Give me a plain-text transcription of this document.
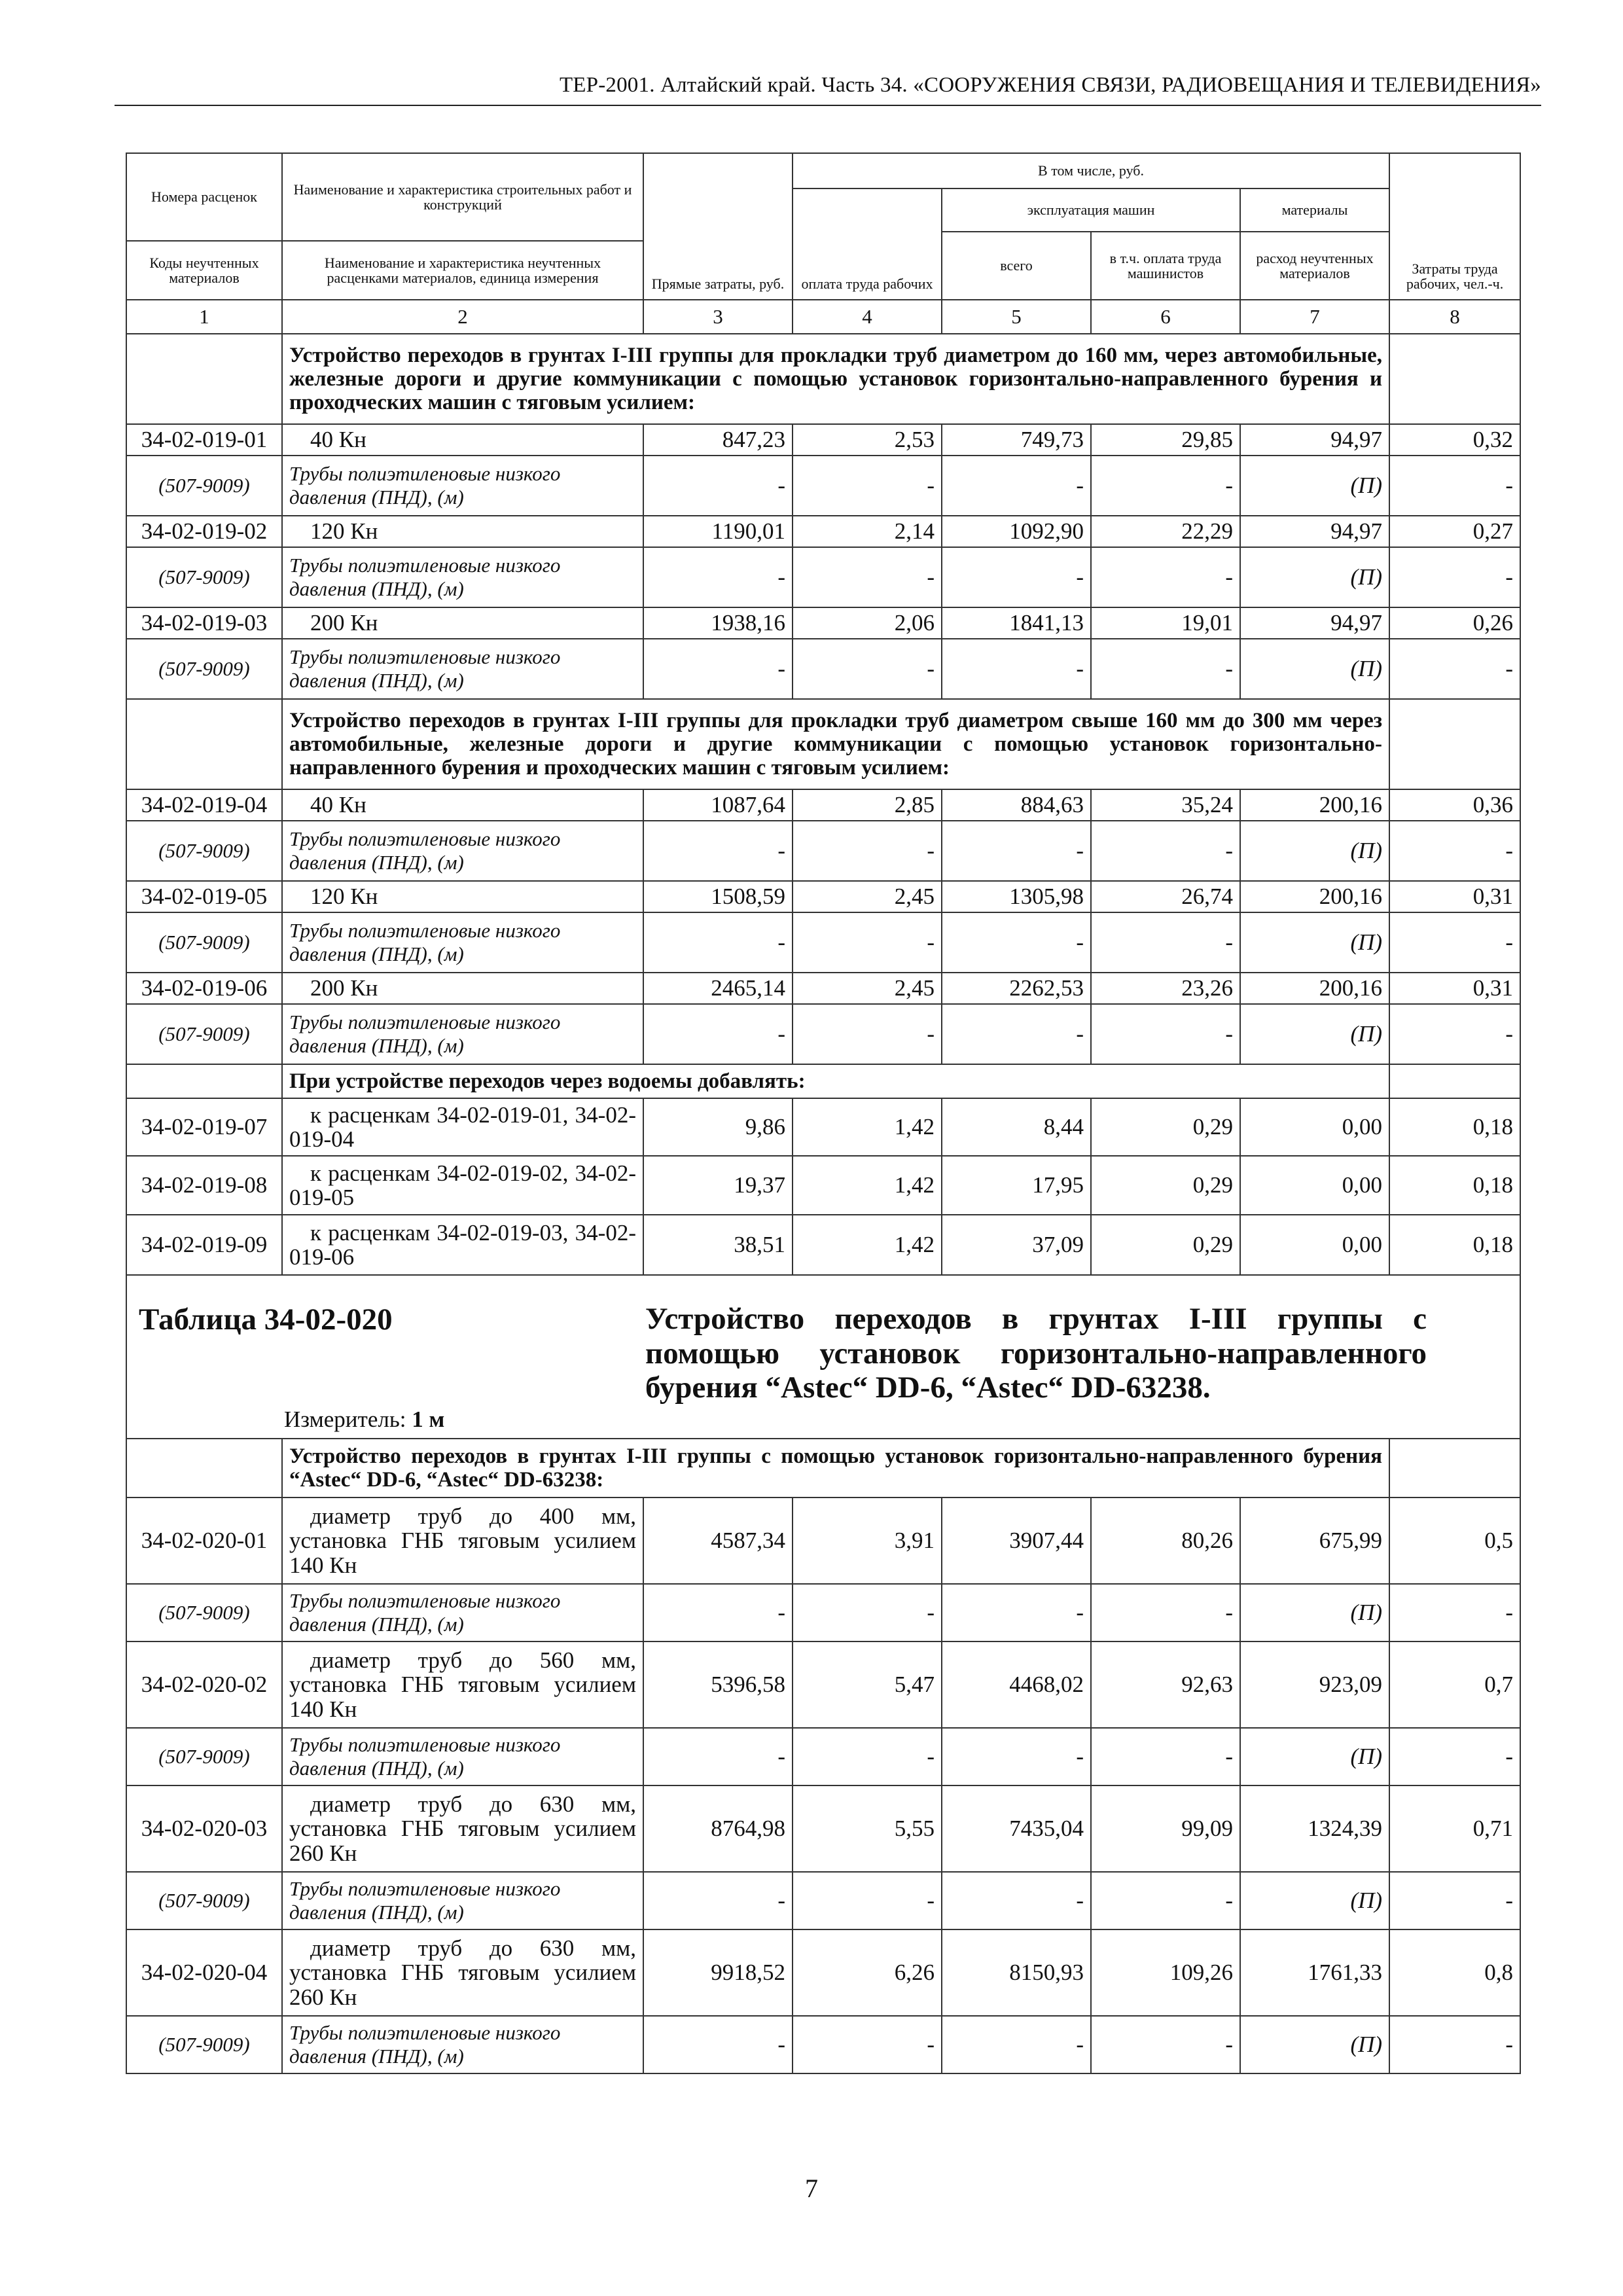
ТЕР-2001. Алтайский край. Часть 34. «СООРУЖЕНИЯ СВЯЗИ, РАДИОВЕЩАНИЯ И ТЕЛЕВИДЕНИЯ»
Номера расценок	Наименование и характеристика строительных работ и конструкций	Прямые затраты, руб.	В том числе, руб.				Затраты труда рабочих, чел.-ч.
			оплата труда рабочих	эксплуатация машин		материалы	
				всего	в т.ч. оплата труда машинистов	расход неучтенных материалов	
Коды неучтенных материалов	Наименование и характеристика неучтенных расценками материалов, единица измерения						
1	2	3	4	5	6	7	8
	Устройство переходов в грунтах I-III группы для прокладки труб диаметром до 160 мм, через автомобильные, железные дороги и другие коммуникации с помощью установок горизонтально-направленного бурения и проходческих машин с тяговым усилием:						
34-02-019-01	40 Кн	847,23	2,53	749,73	29,85	94,97	0,32
(507-9009)	Трубы полиэтиленовые низкого давления (ПНД), (м)	-	-	-	-	(П)	-
34-02-019-02	120 Кн	1190,01	2,14	1092,90	22,29	94,97	0,27
(507-9009)	Трубы полиэтиленовые низкого давления (ПНД), (м)	-	-	-	-	(П)	-
34-02-019-03	200 Кн	1938,16	2,06	1841,13	19,01	94,97	0,26
(507-9009)	Трубы полиэтиленовые низкого давления (ПНД), (м)	-	-	-	-	(П)	-
	Устройство переходов в грунтах I-III группы для прокладки труб диаметром свыше 160 мм до 300 мм через автомобильные, железные дороги и другие коммуникации с помощью установок горизонтально-направленного бурения и проходческих машин с тяговым усилием:						
34-02-019-04	40 Кн	1087,64	2,85	884,63	35,24	200,16	0,36
(507-9009)	Трубы полиэтиленовые низкого давления (ПНД), (м)	-	-	-	-	(П)	-
34-02-019-05	120 Кн	1508,59	2,45	1305,98	26,74	200,16	0,31
(507-9009)	Трубы полиэтиленовые низкого давления (ПНД), (м)	-	-	-	-	(П)	-
34-02-019-06	200 Кн	2465,14	2,45	2262,53	23,26	200,16	0,31
(507-9009)	Трубы полиэтиленовые низкого давления (ПНД), (м)	-	-	-	-	(П)	-
	При устройстве переходов через водоемы добавлять:						
34-02-019-07	к расценкам 34-02-019-01, 34-02-019-04	9,86	1,42	8,44	0,29	0,00	0,18
34-02-019-08	к расценкам 34-02-019-02, 34-02-019-05	19,37	1,42	17,95	0,29	0,00	0,18
34-02-019-09	к расценкам 34-02-019-03, 34-02-019-06	38,51	1,42	37,09	0,29	0,00	0,18

Таблица 34-02-020 Устройство переходов в грунтах I-III группы с помощью установок горизонтально-направленного бурения “Astec“ DD-6, “Astec“ DD-63238.
Измеритель: 1 м							

	Устройство переходов в грунтах I-III группы с помощью установок горизонтально-направленного бурения “Astec“ DD-6, “Astec“ DD-63238:						
34-02-020-01	диаметр труб до 400 мм, установка ГНБ тяговым усилием 140 Кн	4587,34	3,91	3907,44	80,26	675,99	0,5
(507-9009)	Трубы полиэтиленовые низкого давления (ПНД), (м)	-	-	-	-	(П)	-
34-02-020-02	диаметр труб до 560 мм, установка ГНБ тяговым усилием 140 Кн	5396,58	5,47	4468,02	92,63	923,09	0,7
(507-9009)	Трубы полиэтиленовые низкого давления (ПНД), (м)	-	-	-	-	(П)	-
34-02-020-03	диаметр труб до 630 мм, установка ГНБ тяговым усилием 260 Кн	8764,98	5,55	7435,04	99,09	1324,39	0,71
(507-9009)	Трубы полиэтиленовые низкого давления (ПНД), (м)	-	-	-	-	(П)	-
34-02-020-04	диаметр труб до 630 мм, установка ГНБ тяговым усилием 260 Кн	9918,52	6,26	8150,93	109,26	1761,33	0,8
(507-9009)	Трубы полиэтиленовые низкого давления (ПНД), (м)	-	-	-	-	(П)	-
7
